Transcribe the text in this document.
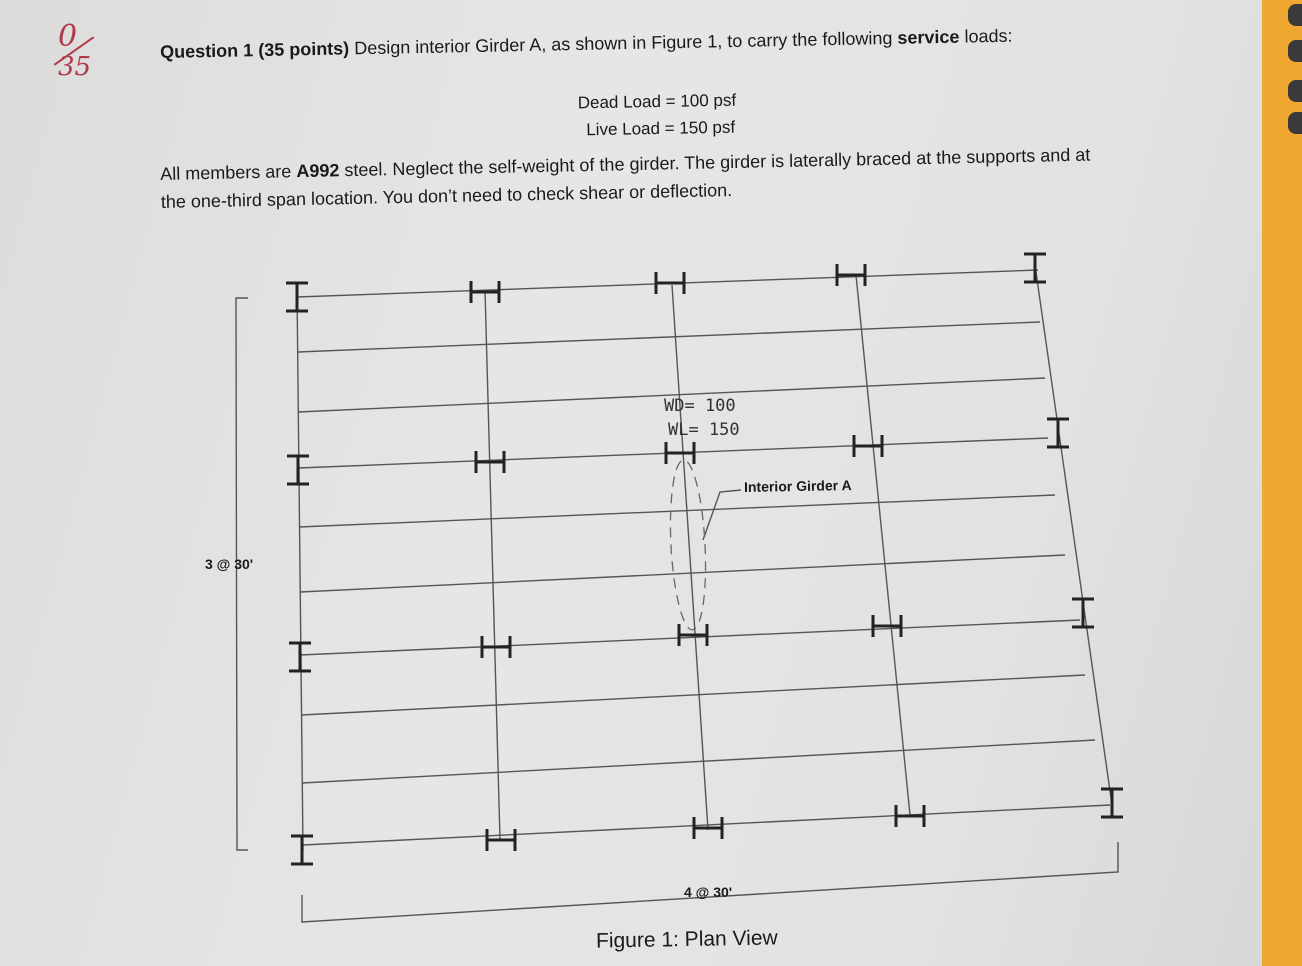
0
35
Question 1 (35 points) Design interior Girder A, as shown in Figure 1, to carry the following service loads:
Dead Load = 100 psf
Live Load = 150 psf
All members are A992 steel. Neglect the self-weight of the girder. The girder is laterally braced at the supports and at the one-third span location. You don’t need to check shear or deflection.
3 @ 30'
4 @ 30'
Interior Girder A
WD= 100
WL= 150
Figure 1: Plan View
